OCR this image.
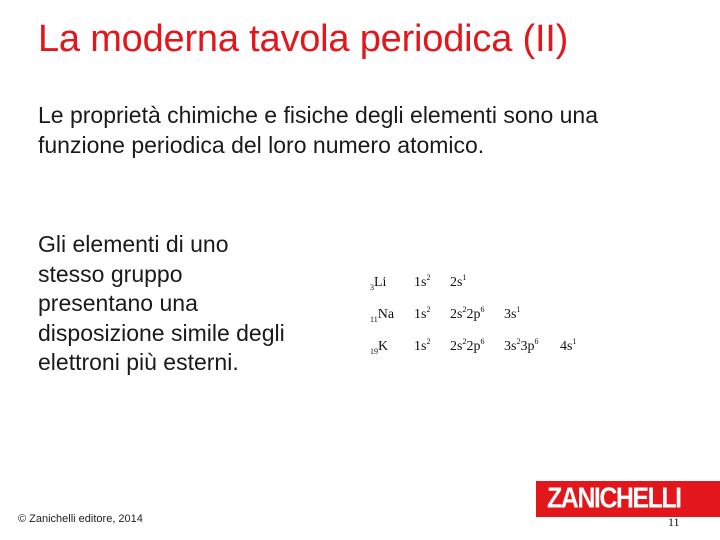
La moderna tavola periodica (II)
Le proprietà chimiche e fisiche degli elementi sono una funzione periodica del loro numero atomico.
Gli elementi di uno stesso gruppo presentano una disposizione simile degli elettroni più esterni.
$_3$Li $1s^2$ $2s^1$
$_{11}$Na $1s^2$ $2s^22p^6$ $3s^1$
$_{19}$K $1s^2$ $2s^22p^6$ $3s^23p^6$ $4s^1$
© Zanichelli editore, 2014
ZANICHELLI
11
